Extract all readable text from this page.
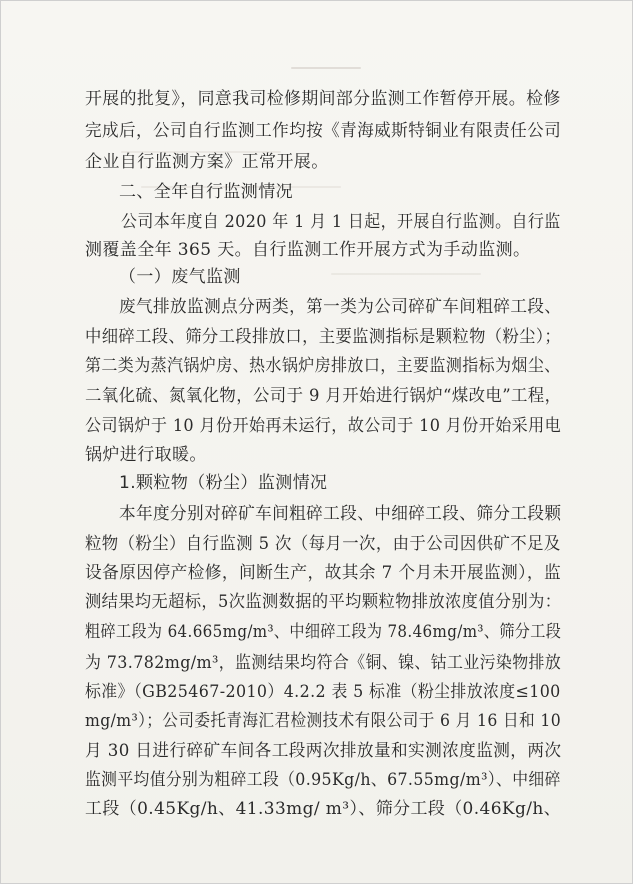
开展的批复》，同意我司检修期间部分监测工作暂停开展。检修
完成后，公司自行监测工作均按《青海威斯特铜业有限责任公司
企业自行监测方案》正常开展。
二、全年自行监测情况
公司本年度自 2020 年 1 月 1 日起，开展自行监测。自行监
测覆盖全年 365 天。自行监测工作开展方式为手动监测。
（一）废气监测
废气排放监测点分两类，第一类为公司碎矿车间粗碎工段、
中细碎工段、筛分工段排放口，主要监测指标是颗粒物（粉尘）；
第二类为蒸汽锅炉房、热水锅炉房排放口，主要监测指标为烟尘、
二氧化硫、氮氧化物，公司于 9 月开始进行锅炉“煤改电”工程，
公司锅炉于 10 月份开始再未运行，故公司于 10 月份开始采用电
锅炉进行取暖。
1.颗粒物（粉尘）监测情况
本年度分别对碎矿车间粗碎工段、中细碎工段、筛分工段颗
粒物（粉尘）自行监测 5 次（每月一次，由于公司因供矿不足及
设备原因停产检修，间断生产，故其余 7 个月未开展监测），监
测结果均无超标，5次监测数据的平均颗粒物排放浓度值分别为：
粗碎工段为 64.665mg/m³、中细碎工段为 78.46mg/m³、筛分工段
为 73.782mg/m³，监测结果均符合《铜、镍、钴工业污染物排放
标准》（GB25467-2010）4.2.2 表 5 标准（粉尘排放浓度≤100
mg/m³）；公司委托青海汇君检测技术有限公司于 6 月 16 日和 10
月 30 日进行碎矿车间各工段两次排放量和实测浓度监测，两次
监测平均值分别为粗碎工段（0.95Kg/h、67.55mg/m³）、中细碎
工段（0.45Kg/h、41.33mg/ m³）、筛分工段（0.46Kg/h、
